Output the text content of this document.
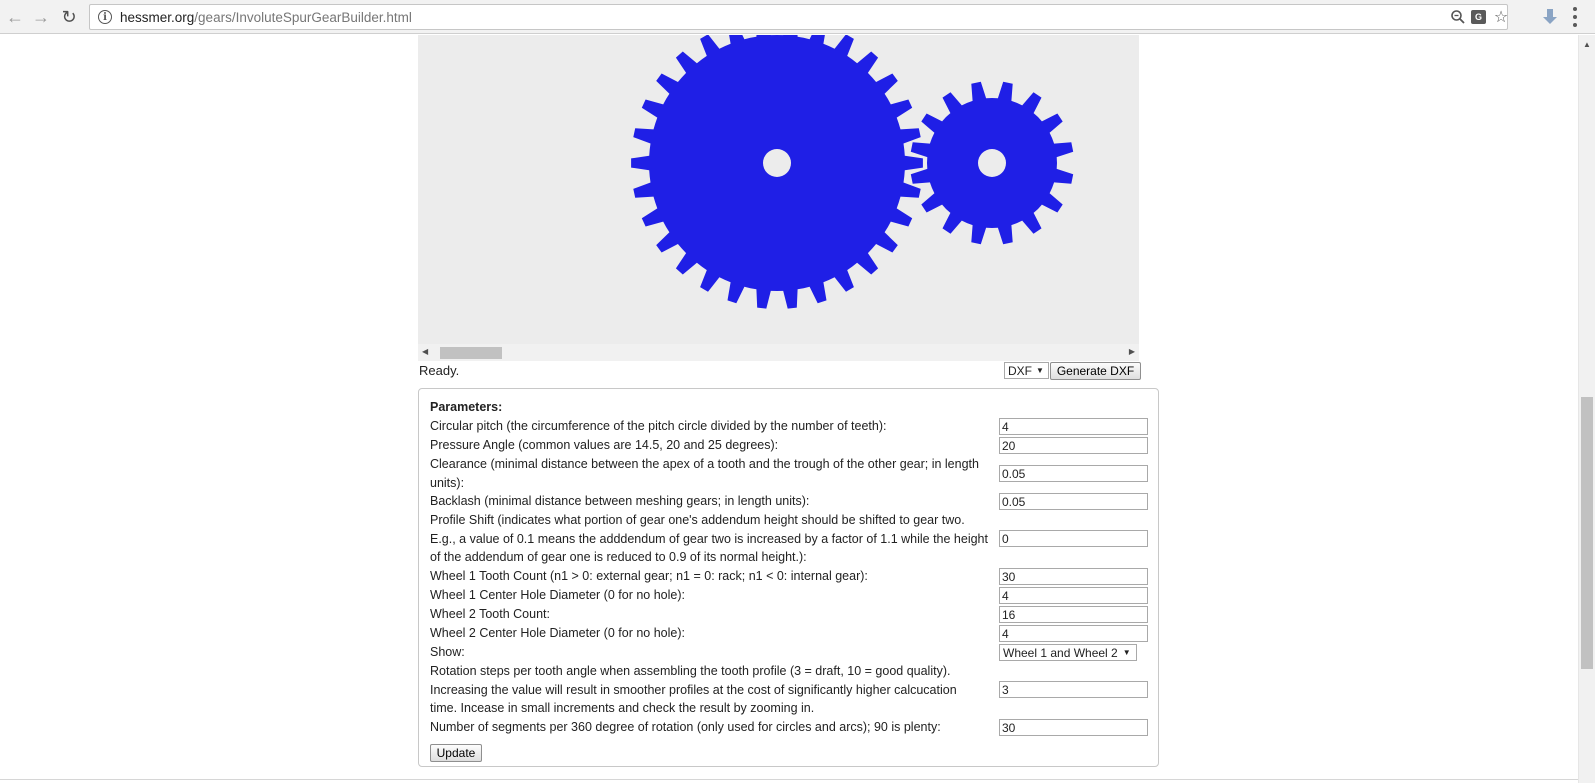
← → ↻	i hessmer.org/gears/InvoluteSpurGearBuilder.html	G ☆
◀	▶
Ready.	DXF ▼	Generate DXF
Parameters:
Circular pitch (the circumference of the pitch circle divided by the number of teeth):
4
Pressure Angle (common values are 14.5, 20 and 25 degrees):
20
Clearance (minimal distance between the apex of a tooth and the trough of the other gear; in length units):
0.05
Backlash (minimal distance between meshing gears; in length units):
0.05
Profile Shift (indicates what portion of gear one's addendum height should be shifted to gear two. E.g., a value of 0.1 means the adddendum of gear two is increased by a factor of 1.1 while the height of the addendum of gear one is reduced to 0.9 of its normal height.):
0
Wheel 1 Tooth Count (n1 > 0: external gear; n1 = 0: rack; n1 < 0: internal gear):
30
Wheel 1 Center Hole Diameter (0 for no hole):
4
Wheel 2 Tooth Count:
16
Wheel 2 Center Hole Diameter (0 for no hole):
4
Show:	Wheel 1 and Wheel 2 ▼
Rotation steps per tooth angle when assembling the tooth profile (3 = draft, 10 = good quality). Increasing the value will result in smoother profiles at the cost of significantly higher calcucation time. Incease in small increments and check the result by zooming in.
3
Number of segments per 360 degree of rotation (only used for circles and arcs); 90 is plenty:
30
Update
▲
